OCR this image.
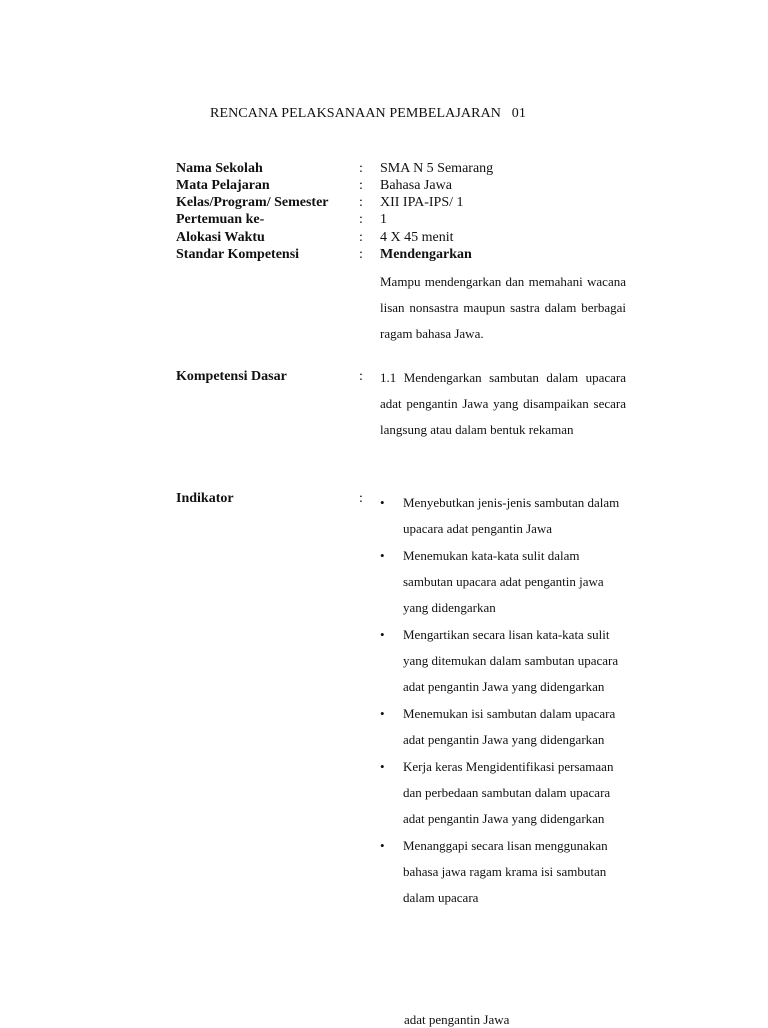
RENCANA PELAKSANAAN PEMBELAJARAN   01
Nama Sekolah	: SMA N 5 Semarang
Mata Pelajaran	: Bahasa Jawa
Kelas/Program/ Semester : XII IPA-IPS/ 1
Pertemuan ke-	: 1
Alokasi Waktu	: 4 X 45 menit
Standar Kompetensi	: Mendengarkan
Mampu mendengarkan dan memahani wacana lisan nonsastra maupun sastra dalam berbagai ragam bahasa Jawa.
Kompetensi Dasar	: 1.1 Mendengarkan sambutan dalam upacara adat pengantin Jawa yang disampaikan secara langsung atau dalam bentuk rekaman
Indikator	: • Menyebutkan jenis-jenis sambutan dalam upacara adat pengantin Jawa
• Menemukan kata-kata sulit dalam sambutan upacara adat pengantin jawa yang didengarkan
• Mengartikan secara lisan kata-kata sulit yang ditemukan dalam sambutan upacara adat pengantin Jawa yang didengarkan
• Menemukan isi sambutan dalam upacara adat pengantin Jawa yang didengarkan
• Kerja keras Mengidentifikasi persamaan dan perbedaan sambutan dalam upacara adat pengantin Jawa yang didengarkan
• Menanggapi secara lisan menggunakan bahasa jawa ragam krama isi sambutan dalam upacara
adat pengantin Jawa
